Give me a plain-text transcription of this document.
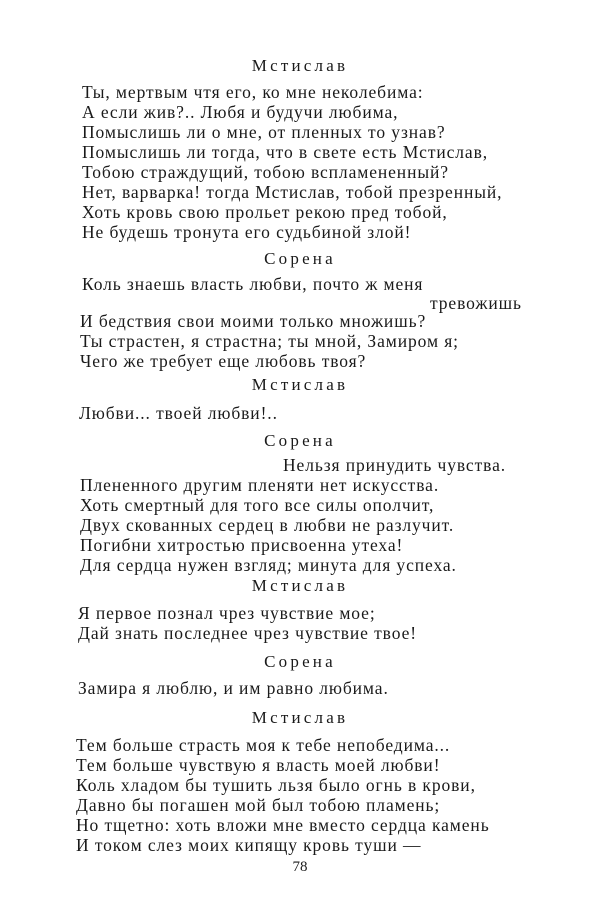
Мстислав
Ты, мертвым чтя его, ко мне неколебима:
А если жив?.. Любя и будучи любима,
Помыслишь ли о мне, от пленных то узнав?
Помыслишь ли тогда, что в свете есть Мстислав,
Тобою страждущий, тобою вспламененный?
Нет, варварка! тогда Мстислав, тобой презренный,
Хоть кровь свою прольет рекою пред тобой,
Не будешь тронута его судьбиной злой!
Сорена
Коль знаешь власть любви, почто ж меня
тревожишь
И бедствия свои моими только множишь?
Ты страстен, я страстна; ты мной, Замиром я;
Чего же требует еще любовь твоя?
Мстислав
Любви... твоей любви!..
Сорена
Нельзя принудить чувства.
Плененного другим пленяти нет искусства.
Хоть смертный для того все силы ополчит,
Двух скованных сердец в любви не разлучит.
Погибни хитростью присвоенна утеха!
Для сердца нужен взгляд; минута для успеха.
Мстислав
Я первое познал чрез чувствие мое;
Дай знать последнее чрез чувствие твое!
Сорена
Замира я люблю, и им равно любима.
Мстислав
Тем больше страсть моя к тебе непобедима...
Тем больше чувствую я власть моей любви!
Коль хладом бы тушить льзя было огнь в крови,
Давно бы погашен мой был тобою пламень;
Но тщетно: хоть вложи мне вместо сердца камень
И током слез моих кипящу кровь туши —
78
